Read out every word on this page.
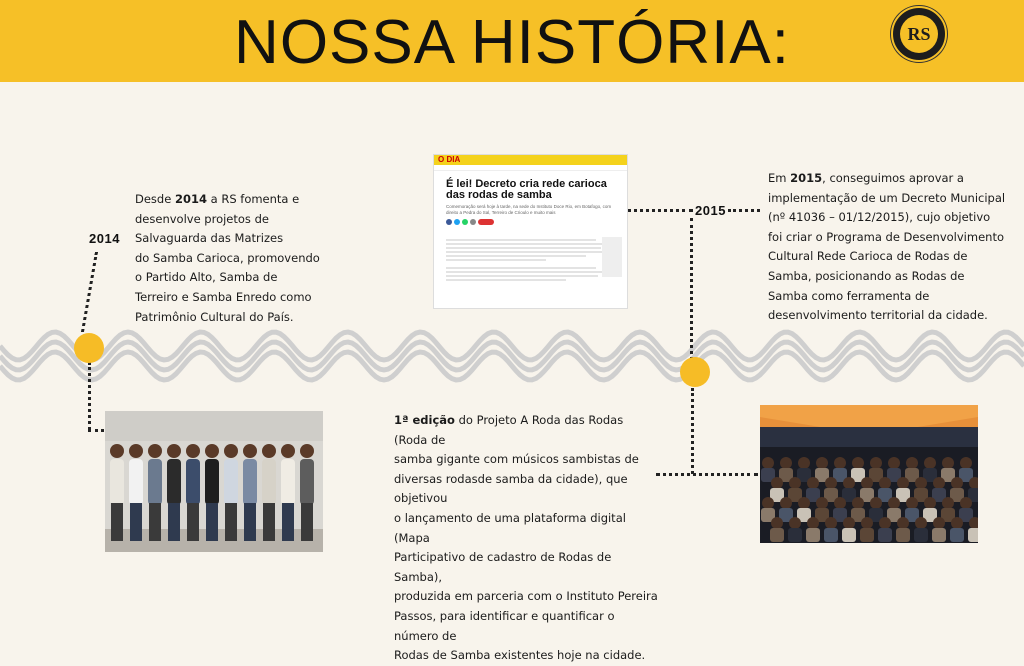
NOSSA HISTÓRIA:	RS
2014
2015
Desde 2014 a RS fomenta e
desenvolve projetos de
Salvaguarda das Matrizes
do Samba Carioca, promovendo
o Partido Alto, Samba de
Terreiro e Samba Enredo como
Patrimônio Cultural do País.
Em 2015, conseguimos aprovar a
implementação de um Decreto Municipal
(nº 41036 – 01/12/2015), cujo objetivo
foi criar o Programa de Desenvolvimento
Cultural Rede Carioca de Rodas de
Samba, posicionando as Rodas de
Samba como ferramenta de
desenvolvimento territorial da cidade.
1ª edição do Projeto A Roda das Rodas (Roda de
samba gigante com músicos sambistas de
diversas rodasde samba da cidade), que objetivou
o lançamento de uma plataforma digital (Mapa
Participativo de cadastro de Rodas de Samba),
produzida em parceria com o Instituto Pereira
Passos, para identificar e quantificar o número de
Rodas de Samba existentes hoje na cidade.
O DIA
É lei! Decreto cria rede carioca das rodas de samba
Comemoração será hoje à tarde, na sede do Instituto Doce Rio, em Botafogo, com direito a Pedra do Sal, Terreiro de Crioulo e muito mais
